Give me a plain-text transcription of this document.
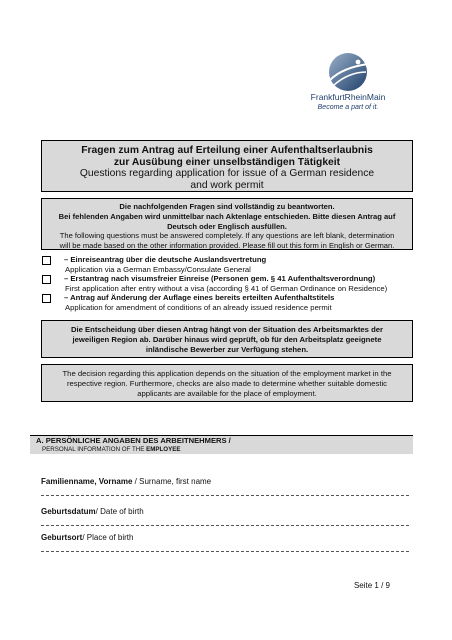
FrankfurtRheinMain
Become a part of it.
Fragen zum Antrag auf Erteilung einer Aufenthaltserlaubnis
zur Ausübung einer unselbständigen Tätigkeit
Questions regarding application for issue of a German residence
and work permit
Die nachfolgenden Fragen sind vollständig zu beantworten.
Bei fehlenden Angaben wird unmittelbar nach Aktenlage entschieden. Bitte diesen Antrag auf
Deutsch oder Englisch ausfüllen.
The following questions must be answered completely. If any questions are left blank, determination
will be made based on the other information provided. Please fill out this form in English or German.
– Einreiseantrag über die deutsche Auslandsvertretung
Application via a German Embassy/Consulate General
– Erstantrag nach visumsfreier Einreise (Personen gem. § 41 Aufenthaltsverordnung)
First application after entry without a visa (according § 41 of German Ordinance on Residence)
– Antrag auf Änderung der Auflage eines bereits erteilten Aufenthaltstitels
Application for amendment of conditions of an already issued residence permit
Die Entscheidung über diesen Antrag hängt von der Situation des Arbeitsmarktes der
jeweiligen Region ab. Darüber hinaus wird geprüft, ob für den Arbeitsplatz geeignete
inländische Bewerber zur Verfügung stehen.
The decision regarding this application depends on the situation of the employment market in the
respective region. Furthermore, checks are also made to determine whether suitable domestic
applicants are available for the place of employment.
A. PERSÖNLICHE ANGABEN DES ARBEITNEHMERS /
PERSONAL INFORMATION OF THE EMPLOYEE
Familienname, Vorname / Surname, first name
Geburtsdatum/ Date of birth
Geburtsort/ Place of birth
Seite 1 / 9
